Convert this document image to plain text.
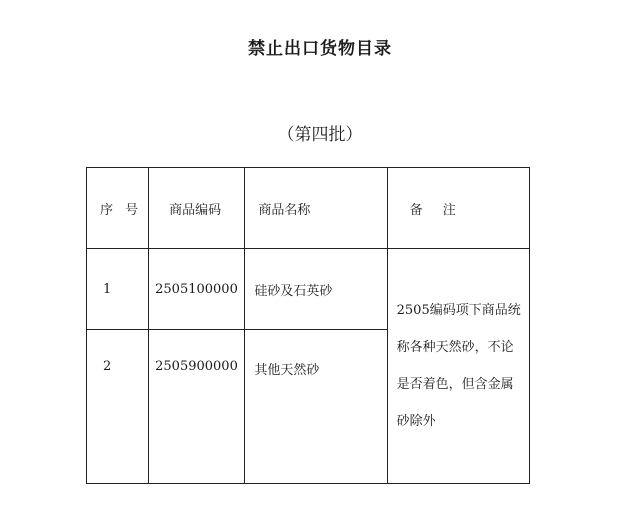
禁止出口货物目录
（第四批）
序 号	商品编码	商品名称	备 注
1	2505100000	硅砂及石英砂	2505编码项下商品统称各种天然砂，不论是否着色，但含金属砂除外
2	2505900000	其他天然砂	
